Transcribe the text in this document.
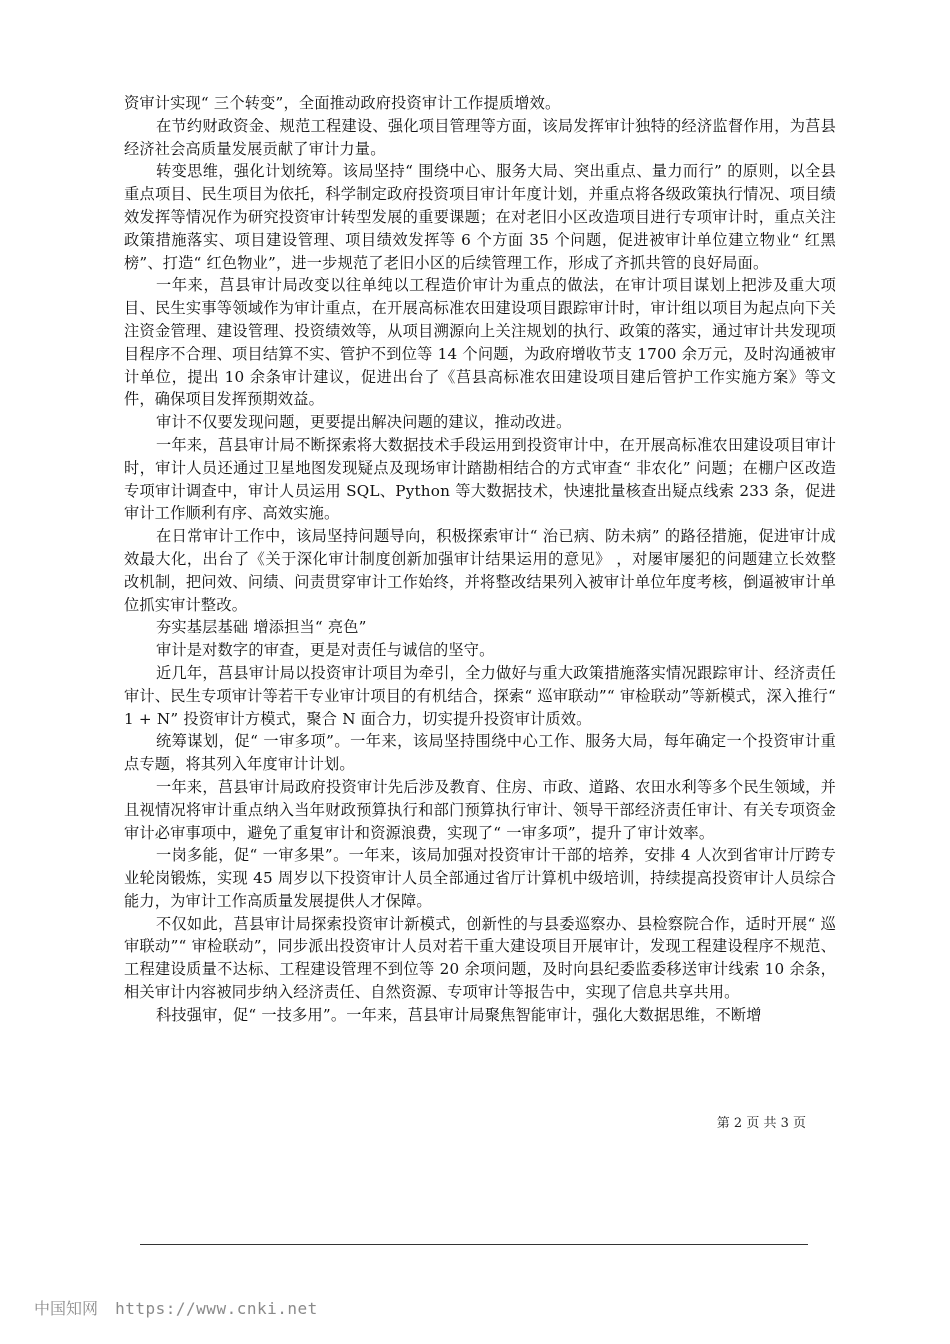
资审计实现“ 三个转变”，全面推动政府投资审计工作提质增效。

在节约财政资金、规范工程建设、强化项目管理等方面，该局发挥审计独特的经济监督作用，为莒县经济社会高质量发展贡献了审计力量。

转变思维，强化计划统筹。该局坚持“ 围绕中心、服务大局、突出重点、量力而行” 的原则，以全县重点项目、民生项目为依托，科学制定政府投资项目审计年度计划，并重点将各级政策执行情况、项目绩效发挥等情况作为研究投资审计转型发展的重要课题；在对老旧小区改造项目进行专项审计时，重点关注政策措施落实、项目建设管理、项目绩效发挥等 6 个方面 35 个问题，促进被审计单位建立物业“ 红黑榜”、打造“ 红色物业”，进一步规范了老旧小区的后续管理工作，形成了齐抓共管的良好局面。

一年来，莒县审计局改变以往单纯以工程造价审计为重点的做法，在审计项目谋划上把涉及重大项目、民生实事等领域作为审计重点，在开展高标准农田建设项目跟踪审计时，审计组以项目为起点向下关注资金管理、建设管理、投资绩效等，从项目溯源向上关注规划的执行、政策的落实，通过审计共发现项目程序不合理、项目结算不实、管护不到位等 14 个问题，为政府增收节支 1700 余万元，及时沟通被审计单位，提出 10 余条审计建议，促进出台了《莒县高标准农田建设项目建后管护工作实施方案》等文件，确保项目发挥预期效益。

审计不仅要发现问题，更要提出解决问题的建议，推动改进。

一年来，莒县审计局不断探索将大数据技术手段运用到投资审计中，在开展高标准农田建设项目审计时，审计人员还通过卫星地图发现疑点及现场审计踏勘相结合的方式审查“ 非农化” 问题；在棚户区改造专项审计调查中，审计人员运用 SQL、Python 等大数据技术，快速批量核查出疑点线索 233 条，促进审计工作顺利有序、高效实施。

在日常审计工作中，该局坚持问题导向，积极探索审计“ 治已病、防未病” 的路径措施，促进审计成效最大化，出台了《关于深化审计制度创新加强审计结果运用的意见》 ，对屡审屡犯的问题建立长效整改机制，把问效、问绩、问责贯穿审计工作始终，并将整改结果列入被审计单位年度考核，倒逼被审计单位抓实审计整改。

夯实基层基础 增添担当“ 亮色”

审计是对数字的审查，更是对责任与诚信的坚守。

近几年，莒县审计局以投资审计项目为牵引，全力做好与重大政策措施落实情况跟踪审计、经济责任审计、民生专项审计等若干专业审计项目的有机结合，探索“ 巡审联动”“ 审检联动”等新模式，深入推行“ 1 + N” 投资审计方模式，聚合 N 面合力，切实提升投资审计质效。

统筹谋划，促“ 一审多项”。一年来，该局坚持围绕中心工作、服务大局，每年确定一个投资审计重点专题，将其列入年度审计计划。

一年来，莒县审计局政府投资审计先后涉及教育、住房、市政、道路、农田水利等多个民生领域，并且视情况将审计重点纳入当年财政预算执行和部门预算执行审计、领导干部经济责任审计、有关专项资金审计必审事项中，避免了重复审计和资源浪费，实现了“ 一审多项”，提升了审计效率。

一岗多能，促“ 一审多果”。一年来，该局加强对投资审计干部的培养，安排 4 人次到省审计厅跨专业轮岗锻炼，实现 45 周岁以下投资审计人员全部通过省厅计算机中级培训，持续提高投资审计人员综合能力，为审计工作高质量发展提供人才保障。

不仅如此，莒县审计局探索投资审计新模式，创新性的与县委巡察办、县检察院合作，适时开展“ 巡审联动”“ 审检联动”，同步派出投资审计人员对若干重大建设项目开展审计，发现工程建设程序不规范、工程建设质量不达标、工程建设管理不到位等 20 余项问题，及时向县纪委监委移送审计线索 10 余条，相关审计内容被同步纳入经济责任、自然资源、专项审计等报告中，实现了信息共享共用。

科技强审，促“ 一技多用”。一年来，莒县审计局聚焦智能审计，强化大数据思维，不断增

第 2 页 共 3 页
中国知网 https://www.cnki.net
